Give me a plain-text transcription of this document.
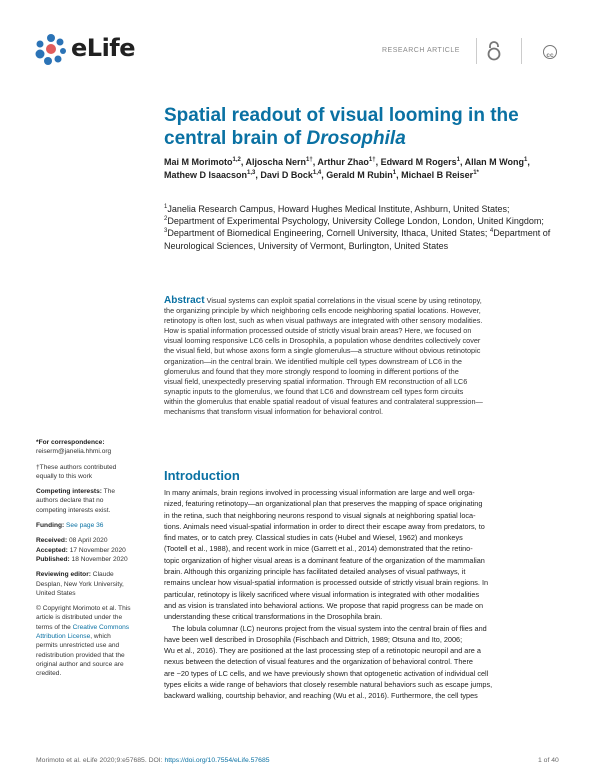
eLife	RESEARCH ARTICLE
cc
Spatial readout of visual looming in the
central brain of Drosophila
Mai M Morimoto$^{1,2}$, Aljoscha Nern$^{1\dagger}$, Arthur Zhao$^{1\dagger}$, Edward M Rogers$^1$, Allan M Wong$^1$, Mathew D Isaacson$^{1,3}$, Davi D Bock$^{1,4}$, Gerald M Rubin$^1$, Michael B Reiser$^{1*}$
$^1$Janelia Research Campus, Howard Hughes Medical Institute, Ashburn, United States; $^2$Department of Experimental Psychology, University College London, London, United Kingdom; $^3$Department of Biomedical Engineering, Cornell University, Ithaca, United States; $^4$Department of Neurological Sciences, University of Vermont, Burlington, United States
Abstract Visual systems can exploit spatial correlations in the visual scene by using retinotopy,
the organizing principle by which neighboring cells encode neighboring spatial locations. However,
retinotopy is often lost, such as when visual pathways are integrated with other sensory modalities.
How is spatial information processed outside of strictly visual brain areas? Here, we focused on
visual looming responsive LC6 cells in Drosophila, a population whose dendrites collectively cover
the visual field, but whose axons form a single glomerulus—a structure without obvious retinotopic
organization—in the central brain. We identified multiple cell types downstream of LC6 in the
glomerulus and found that they more strongly respond to looming in different portions of the
visual field, unexpectedly preserving spatial information. Through EM reconstruction of all LC6
synaptic inputs to the glomerulus, we found that LC6 and downstream cell types form circuits
within the glomerulus that enable spatial readout of visual features and contralateral suppression—
mechanisms that transform visual information for behavioral control.
*For correspondence:
reiserm@janelia.hhmi.org
†These authors contributed
equally to this work
Competing interests: The
authors declare that no
competing interests exist.
Funding: See page 36
Received: 08 April 2020
Accepted: 17 November 2020
Published: 18 November 2020
Reviewing editor: Claude
Desplan, New York University,
United States
© Copyright Morimoto et al. This
article is distributed under the
terms of the Creative Commons
Attribution License, which
permits unrestricted use and
redistribution provided that the
original author and source are
credited.
Introduction
In many animals, brain regions involved in processing visual information are large and well orga-
nized, featuring retinotopy—an organizational plan that preserves the mapping of space originating
in the retina, such that neighboring neurons respond to visual signals at neighboring spatial loca-
tions. Animals need visual-spatial information in order to direct their escape away from predators, to
find mates, or to catch prey. Classical studies in cats (Hubel and Wiesel, 1962) and monkeys
(Tootell et al., 1988), and recent work in mice (Garrett et al., 2014) demonstrated that the retino-
topic organization of higher visual areas is a dominant feature of the organization of the mammalian
brain. Although this organizing principle has facilitated detailed analyses of visual pathways, it
remains unclear how visual-spatial information is processed outside of strictly visual brain regions. In
particular, retinotopy is likely sacrificed where visual information is integrated with other modalities
and as vision is translated into behavioral actions. We propose that rapid progress can be made on
understanding these critical transformations in the Drosophila brain.
The lobula columnar (LC) neurons project from the visual system into the central brain of flies and
have been well described in Drosophila (Fischbach and Dittrich, 1989; Otsuna and Ito, 2006;
Wu et al., 2016). They are positioned at the last processing step of a retinotopic neuropil and are a
nexus between the detection of visual features and the organization of behavioral control. There
are ~20 types of LC cells, and we have previously shown that optogenetic activation of individual cell
types elicits a wide range of behaviors that closely resemble natural behaviors such as escape jumps,
backward walking, courtship behavior, and reaching (Wu et al., 2016). Furthermore, the cell types
Morimoto et al. eLife 2020;9:e57685. DOI: https://doi.org/10.7554/eLife.57685	1 of 40
